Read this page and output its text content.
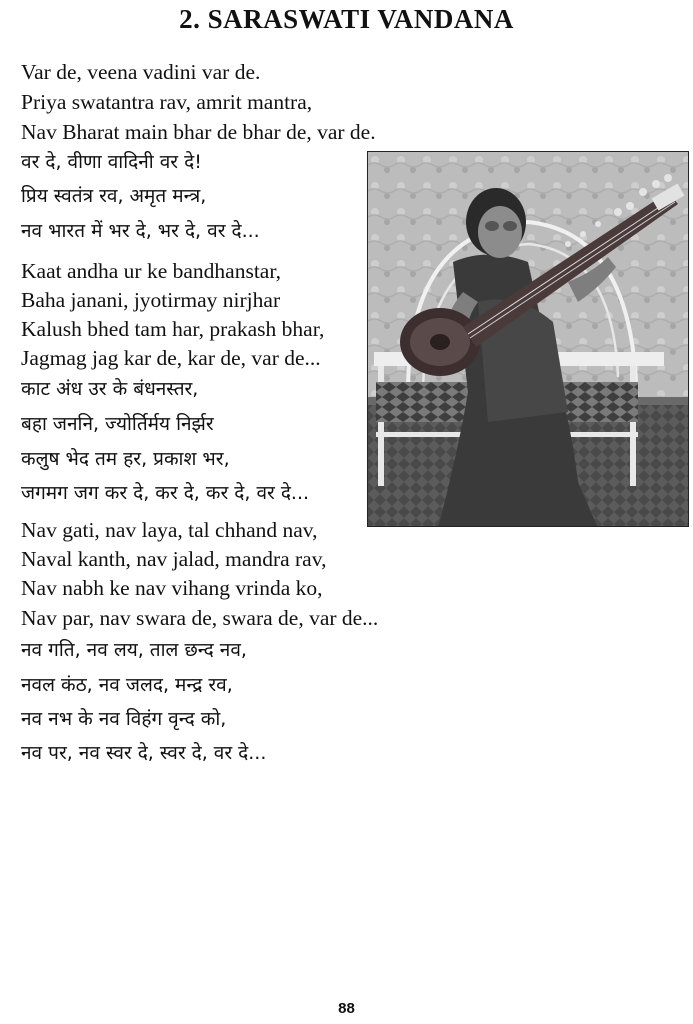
2. SARASWATI VANDANA
Var de, veena vadini var de.
Priya swatantra rav, amrit mantra,
Nav Bharat main bhar de bhar de, var de.
वर दे, वीणा वादिनी वर दे!
प्रिय स्वतंत्र रव, अमृत मन्त्र,
नव भारत में भर दे, भर दे, वर दे...
Kaat andha ur ke bandhanstar,
Baha janani, jyotirmay nirjhar
Kalush bhed tam har, prakash bhar,
Jagmag jag kar de, kar de, var de...
काट अंध उर के बंधनस्तर,
बहा जननि, ज्योर्तिर्मय निर्झर
कलुष भेद तम हर, प्रकाश भर,
जगमग जग कर दे, कर दे, कर दे, वर दे...
Nav gati, nav laya, tal chhand nav,
Naval kanth, nav jalad, mandra rav,
Nav nabh ke nav vihang vrinda ko,
Nav par, nav swara de, swara de, var de...
नव गति, नव लय, ताल छन्द नव,
नवल कंठ, नव जलद, मन्द्र रव,
नव नभ के नव विहंग वृन्द को,
नव पर, नव स्वर दे, स्वर दे, वर दे...
88
